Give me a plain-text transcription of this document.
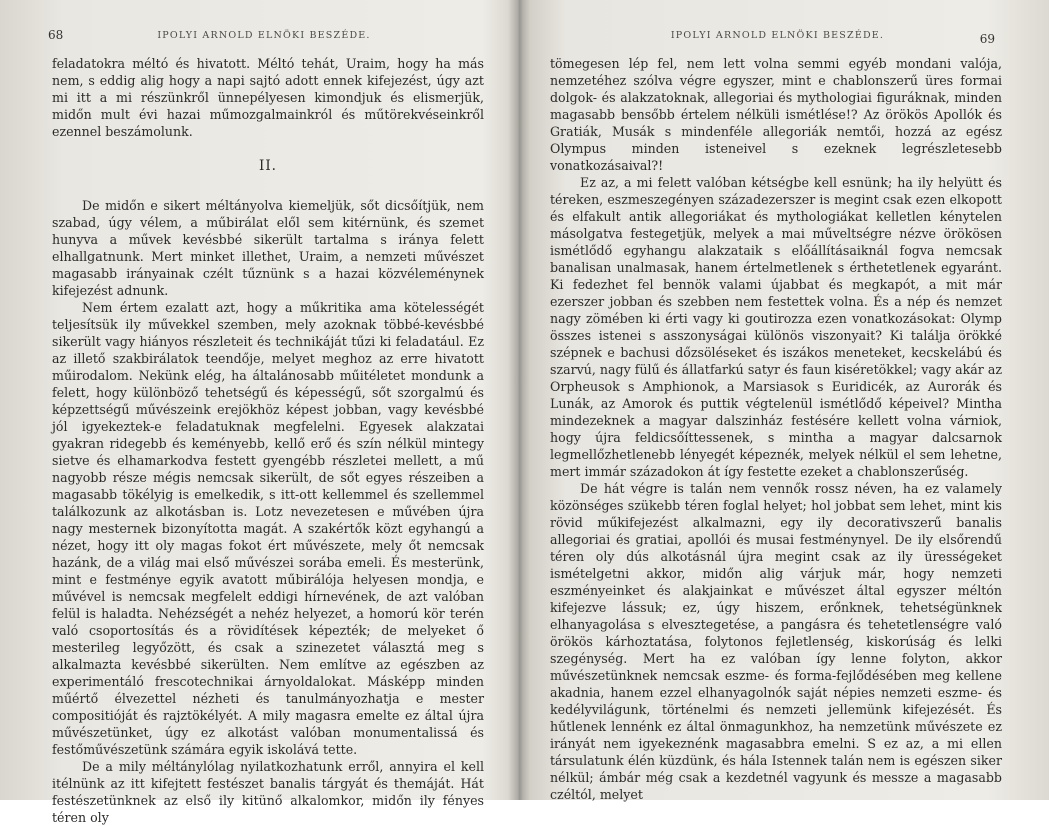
68	IPOLYI ARNOLD ELNÖKI BESZÉDE.

feladatokra méltó és hivatott. Méltó tehát, Uraim, hogy ha más nem, s eddig alig hogy a napi sajtó adott ennek kifejezést, úgy azt mi itt a mi részünkről ünnepélyesen kimondjuk és elismerjük, midőn mult évi hazai műmozgalmainkról és műtörekvéseinkről ezennel beszámolunk.

II.

De midőn e sikert méltányolva kiemeljük, sőt dicsőítjük, nem szabad, úgy vélem, a műbirálat elől sem kitérnünk, és szemet hunyva a művek kevésbbé sikerült tartalma s iránya felett elhallgatnunk. Mert minket illethet, Uraim, a nemzeti művészet magasabb irányainak czélt tűznünk s a hazai közvéleménynek kifejezést adnunk.

Nem értem ezalatt azt, hogy a műkritika ama kötelességét teljesítsük ily művekkel szemben, mely azoknak többé-kevésbbé sikerült vagy hiányos részleteit és technikáját tűzi ki feladatául. Ez az illető szakbirálatok teendője, melyet meghoz az erre hivatott műirodalom. Nekünk elég, ha általánosabb műitéletet mondunk a felett, hogy különböző tehetségű és képességű, sőt szorgalmú és képzettségű művészeink erejökhöz képest jobban, vagy kevésbbé jól igyekeztek-e feladatuknak megfelelni. Egyesek alakzatai gyakran ridegebb és keményebb, kellő erő és szín nélkül mintegy sietve és elhamarkodva festett gyengébb részletei mellett, a mű nagyobb része mégis nemcsak sikerült, de sőt egyes részeiben a magasabb tökélyig is emelkedik, s itt-ott kellemmel és szellemmel találkozunk az alkotásban is. Lotz nevezetesen e művében újra nagy mesternek bizonyította magát. A szakértők közt egyhangú a nézet, hogy itt oly magas fokot ért művészete, mely őt nemcsak hazánk, de a világ mai első művészei sorába emeli. És mesterünk, mint e festménye egyik avatott műbirálója helyesen mondja, e művével is nemcsak megfelelt eddigi hírnevének, de azt valóban felül is haladta. Nehézségét a nehéz helyezet, a homorú kör terén való csoportosítás és a rövidítések képezték; de melyeket ő mesterileg legyőzött, és csak a szinezetet választá meg s alkalmazta kevésbbé sikerülten. Nem említve az egészben az experimentáló frescotechnikai árnyoldalokat. Másképp minden műértő élvezettel nézheti és tanulmányozhatja e mester compositióját és rajztökélyét. A mily magasra emelte ez által újra művészetünket, úgy ez alkotást valóban monumentalissá és festőművészetünk számára egyik iskolává tette.

De a mily méltánylólag nyilatkozhatunk erről, annyira el kell itélnünk az itt kifejtett festészet banalis tárgyát és themáját. Hát festészetünknek az első ily kitünő alkalomkor, midőn ily fényes téren oly

IPOLYI ARNOLD ELNÖKI BESZÉDE.	69

tömegesen lép fel, nem lett volna semmi egyéb mondani valója, nemzetéhez szólva végre egyszer, mint e chablonszerű üres formai dolgok- és alakzatoknak, allegoriai és mythologiai figuráknak, minden magasabb bensőbb értelem nélküli ismétlése!? Az örökös Apollók és Gratiák, Musák s mindenféle allegoriák nemtői, hozzá az egész Olympus minden isteneivel s ezeknek legrészletesebb vonatkozásaival?!

Ez az, a mi felett valóban kétségbe kell esnünk; ha ily helyütt és téreken, eszmeszegényen századezerszer is megint csak ezen elkopott és elfakult antik allegoriákat és mythologiákat kelletlen kénytelen másolgatva festegetjük, melyek a mai műveltségre nézve örökösen ismétlődő egyhangu alakzataik s előállításaiknál fogva nemcsak banalisan unalmasak, hanem értelmetlenek s érthetetlenek egyaránt. Ki fedezhet fel bennök valami újabbat és megkapót, a mit már ezerszer jobban és szebben nem festettek volna. És a nép és nemzet nagy zömében ki érti vagy ki goutirozza ezen vonatkozásokat: Olymp összes istenei s asszonyságai különös viszonyait? Ki találja örökké szépnek e bachusi dőzsöléseket és iszákos meneteket, kecskelábú és szarvú, nagy fülű és állatfarkú satyr és faun kiséretökkel; vagy akár az Orpheusok s Amphionok, a Marsiasok s Euridicék, az Aurorák és Lunák, az Amorok és puttik végtelenül ismétlődő képeivel? Mintha mindezeknek a magyar dalszinház festésére kellett volna várniok, hogy újra feldicsőíttessenek, s mintha a magyar dalcsarnok legmellőzhetlenebb lényegét képeznék, melyek nélkül el sem lehetne, mert immár századokon át így festette ezeket a chablonszerűség.

De hát végre is talán nem vennők rossz néven, ha ez valamely közönséges szükebb téren foglal helyet; hol jobbat sem lehet, mint kis rövid műkifejezést alkalmazni, egy ily decorativszerű banalis allegoriai és gratiai, apollói és musai festménynyel. De ily elsőrendű téren oly dús alkotásnál újra megint csak az ily ürességeket ismételgetni akkor, midőn alig várjuk már, hogy nemzeti eszményeinket és alakjainkat e művészet által egyszer méltón kifejezve lássuk; ez, úgy hiszem, erőnknek, tehetségünknek elhanyagolása s elvesztegetése, a pangásra és tehetetlenségre való örökös kárhoztatása, folytonos fejletlenség, kiskorúság és lelki szegénység. Mert ha ez valóban így lenne folyton, akkor művészetünknek nemcsak eszme- és forma-fejlődésében meg kellene akadnia, hanem ezzel elhanyagolnók saját népies nemzeti eszme- és kedélyvilágunk, történelmi és nemzeti jellemünk kifejezését. És hűtlenek lennénk ez által önmagunkhoz, ha nemzetünk művészete ez irányát nem igyekeznénk magasabbra emelni. S ez az, a mi ellen társulatunk élén küzdünk, és hála Istennek talán nem is egészen siker nélkül; ámbár még csak a kezdetnél vagyunk és messze a magasabb czéltól, melyet
